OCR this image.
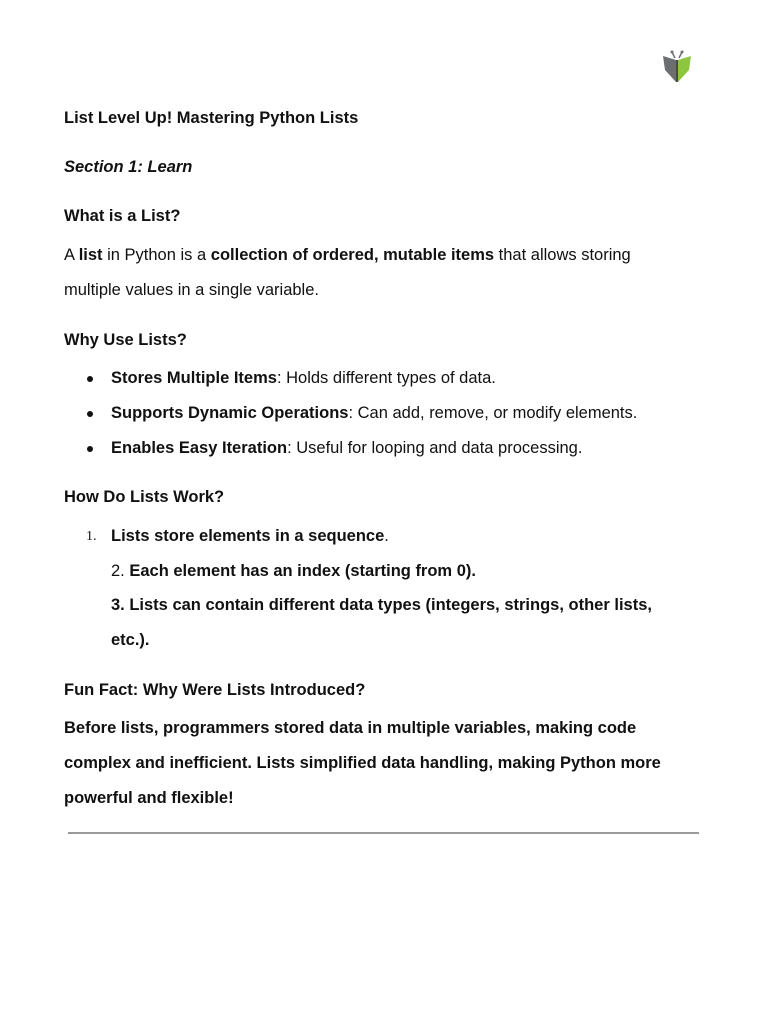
List Level Up! Mastering Python Lists
Section 1: Learn
What is a List?
A list in Python is a collection of ordered, mutable items that allows storing
multiple values in a single variable.
Why Use Lists?
Stores Multiple Items: Holds different types of data.
Supports Dynamic Operations: Can add, remove, or modify elements.
Enables Easy Iteration: Useful for looping and data processing.
How Do Lists Work?
1. Lists store elements in a sequence.
2. Each element has an index (starting from 0).
3. Lists can contain different data types (integers, strings, other lists,
etc.).
Fun Fact: Why Were Lists Introduced?
Before lists, programmers stored data in multiple variables, making code
complex and inefficient. Lists simplified data handling, making Python more
powerful and flexible!
